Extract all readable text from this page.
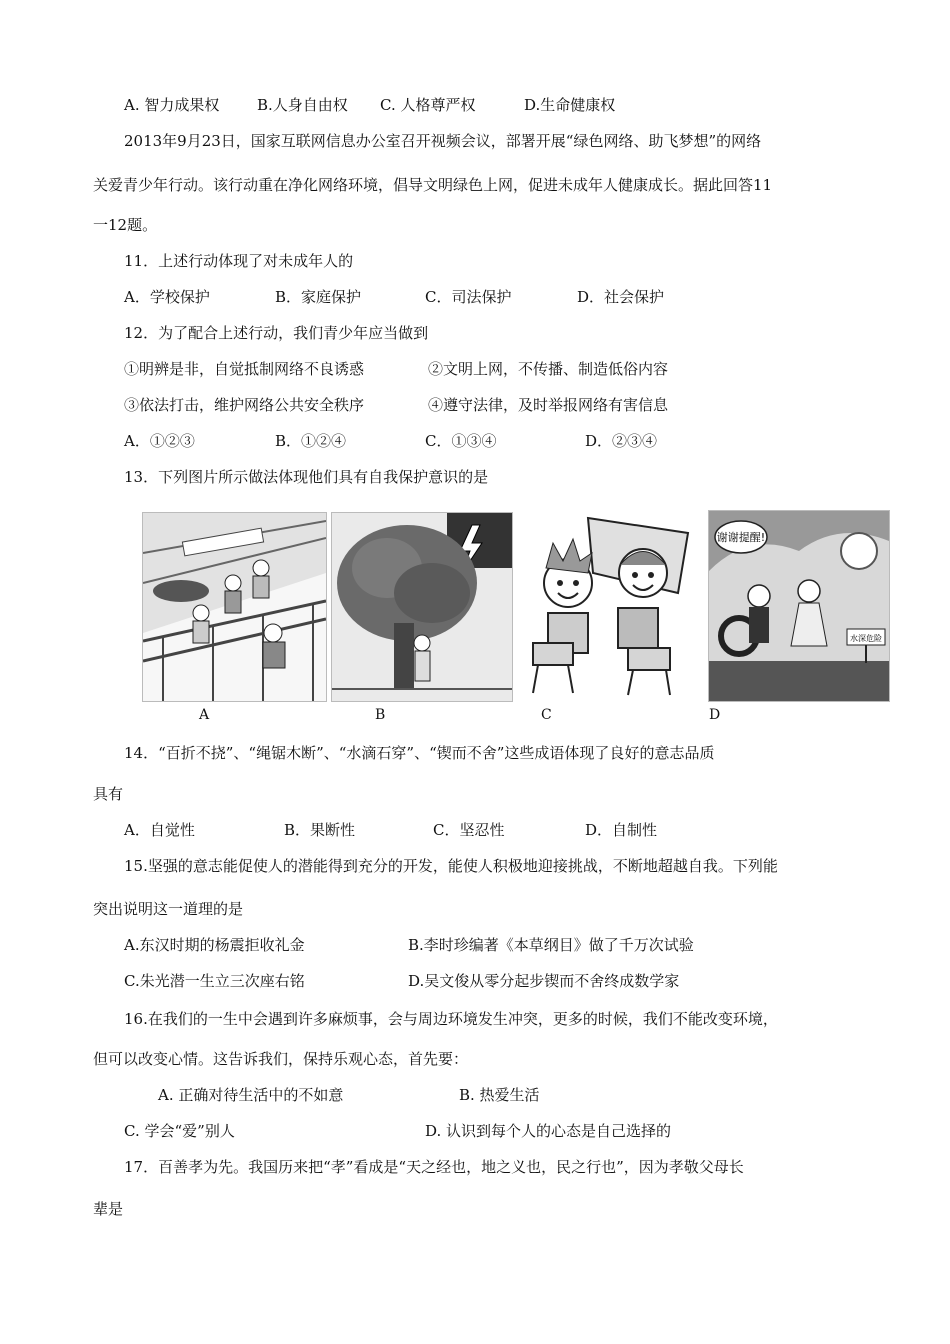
A. 智力成果权	B.人身自由权 C. 人格尊严权	D.生命健康权
2013年9月23日，国家互联网信息办公室召开视频会议，部署开展“绿色网络、助飞梦想”的网络
关爱青少年行动。该行动重在净化网络环境，倡导文明绿色上网，促进未成年人健康成长。据此回答11
一12题。
11．上述行动体现了对未成年人的
A．学校保护	B．家庭保护	C．司法保护	D．社会保护
12．为了配合上述行动，我们青少年应当做到
①明辨是非，自觉抵制网络不良诱惑	②文明上网，不传播、制造低俗内容
③依法打击，维护网络公共安全秩序	④遵守法律，及时举报网络有害信息
A．①②③	B．①②④	C．①③④	D．②③④
13．下列图片所示做法体现他们具有自我保护意识的是
谢谢提醒!
水深危险
A	B	C	D
14．“百折不挠”、“绳锯木断”、“水滴石穿”、“锲而不舍”这些成语体现了良好的意志品质
具有
A．自觉性	B．果断性	C．坚忍性	D．自制性
15.坚强的意志能促使人的潜能得到充分的开发，能使人积极地迎接挑战，不断地超越自我。下列能
突出说明这一道理的是
A.东汉时期的杨震拒收礼金	B.李时珍编著《本草纲目》做了千万次试验
C.朱光潜一生立三次座右铭	D.吴文俊从零分起步锲而不舍终成数学家
16.在我们的一生中会遇到许多麻烦事，会与周边环境发生冲突，更多的时候，我们不能改变环境，
但可以改变心情。这告诉我们，保持乐观心态，首先要：
A. 正确对待生活中的不如意	B. 热爱生活
C. 学会“爱”别人	D. 认识到每个人的心态是自己选择的
17．百善孝为先。我国历来把“孝”看成是“天之经也，地之义也，民之行也”，因为孝敬父母长
辈是
